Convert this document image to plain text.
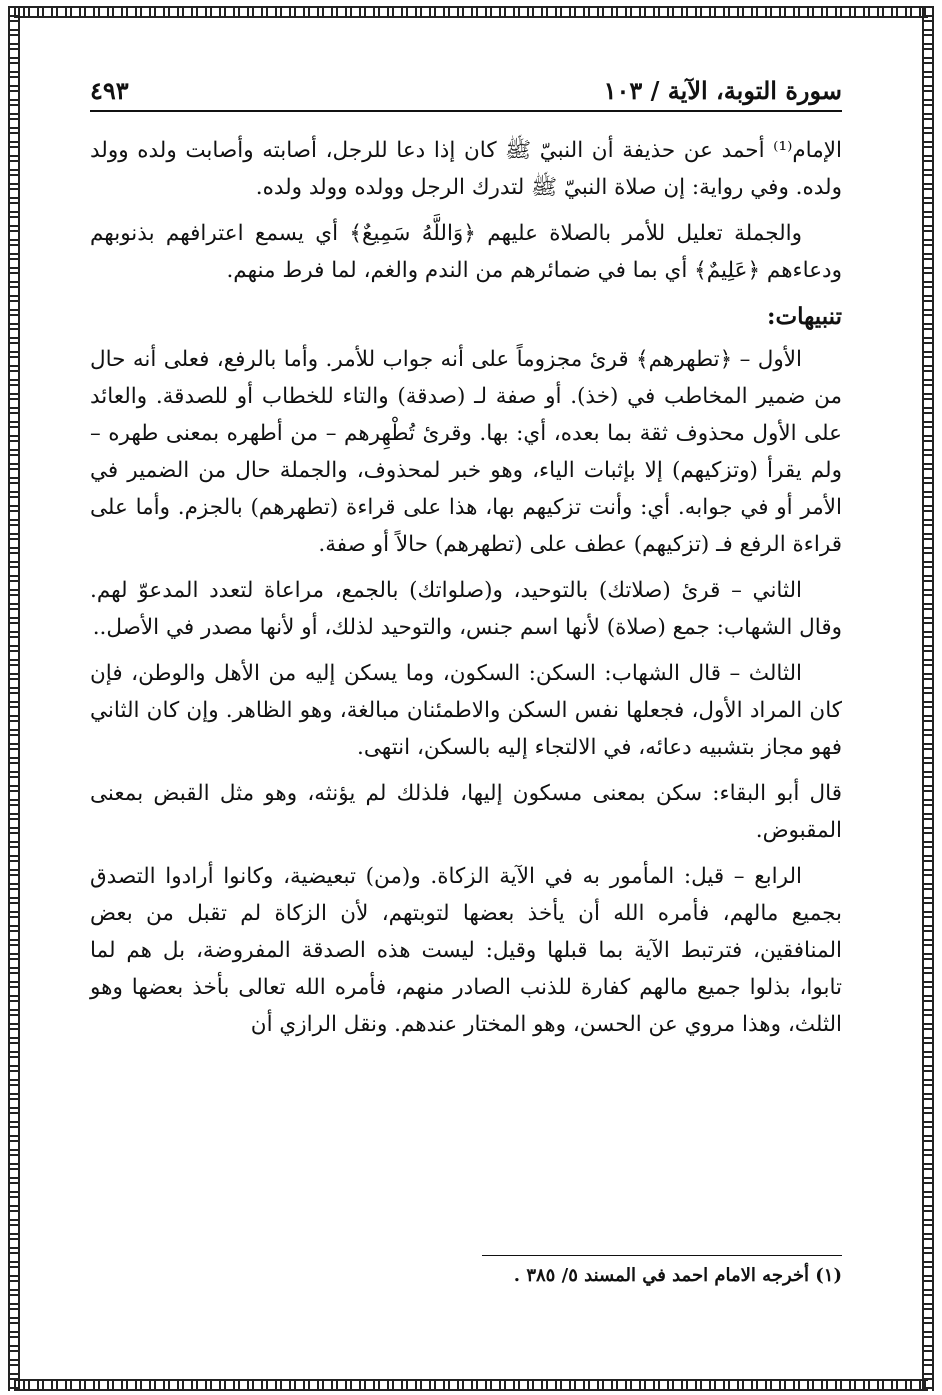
سورة التوبة، الآية / ١٠٣
٤٩٣

الإمام⁽¹⁾ أحمد عن حذيفة أن النبيّ ﷺ كان إذا دعا للرجل، أصابته وأصابت ولده وولد ولده. وفي رواية: إن صلاة النبيّ ﷺ لتدرك الرجل وولده وولد ولده.

والجملة تعليل للأمر بالصلاة عليهم ﴿وَاللَّهُ سَمِيعٌ﴾ أي يسمع اعترافهم بذنوبهم ودعاءهم ﴿عَلِيمٌ﴾ أي بما في ضمائرهم من الندم والغم، لما فرط منهم.

تنبيهات:

الأول – ﴿تطهرهم﴾ قرئ مجزوماً على أنه جواب للأمر. وأما بالرفع، فعلى أنه حال من ضمير المخاطب في (خذ). أو صفة لـ (صدقة) والتاء للخطاب أو للصدقة. والعائد على الأول محذوف ثقة بما بعده، أي: بها. وقرئ تُطْهِرهم – من أطهره بمعنى طهره – ولم يقرأ (وتزكيهم) إلا بإثبات الياء، وهو خبر لمحذوف، والجملة حال من الضمير في الأمر أو في جوابه. أي: وأنت تزكيهم بها، هذا على قراءة (تطهرهم) بالجزم. وأما على قراءة الرفع فـ (تزكيهم) عطف على (تطهرهم) حالاً أو صفة.

الثاني – قرئ (صلاتك) بالتوحيد، و(صلواتك) بالجمع، مراعاة لتعدد المدعوّ لهم. وقال الشهاب: جمع (صلاة) لأنها اسم جنس، والتوحيد لذلك، أو لأنها مصدر في الأصل..

الثالث – قال الشهاب: السكن: السكون، وما يسكن إليه من الأهل والوطن، فإن كان المراد الأول، فجعلها نفس السكن والاطمئنان مبالغة، وهو الظاهر. وإن كان الثاني فهو مجاز بتشبيه دعائه، في الالتجاء إليه بالسكن، انتهى.

قال أبو البقاء: سكن بمعنى مسكون إليها، فلذلك لم يؤنثه، وهو مثل القبض بمعنى المقبوض.

الرابع – قيل: المأمور به في الآية الزكاة. و(من) تبعيضية، وكانوا أرادوا التصدق بجميع مالهم، فأمره الله أن يأخذ بعضها لتوبتهم، لأن الزكاة لم تقبل من بعض المنافقين، فترتبط الآية بما قبلها وقيل: ليست هذه الصدقة المفروضة، بل هم لما تابوا، بذلوا جميع مالهم كفارة للذنب الصادر منهم، فأمره الله تعالى بأخذ بعضها وهو الثلث، وهذا مروي عن الحسن، وهو المختار عندهم. ونقل الرازي أن

(١) أخرجه الامام احمد في المسند ٥/ ٣٨٥ .
